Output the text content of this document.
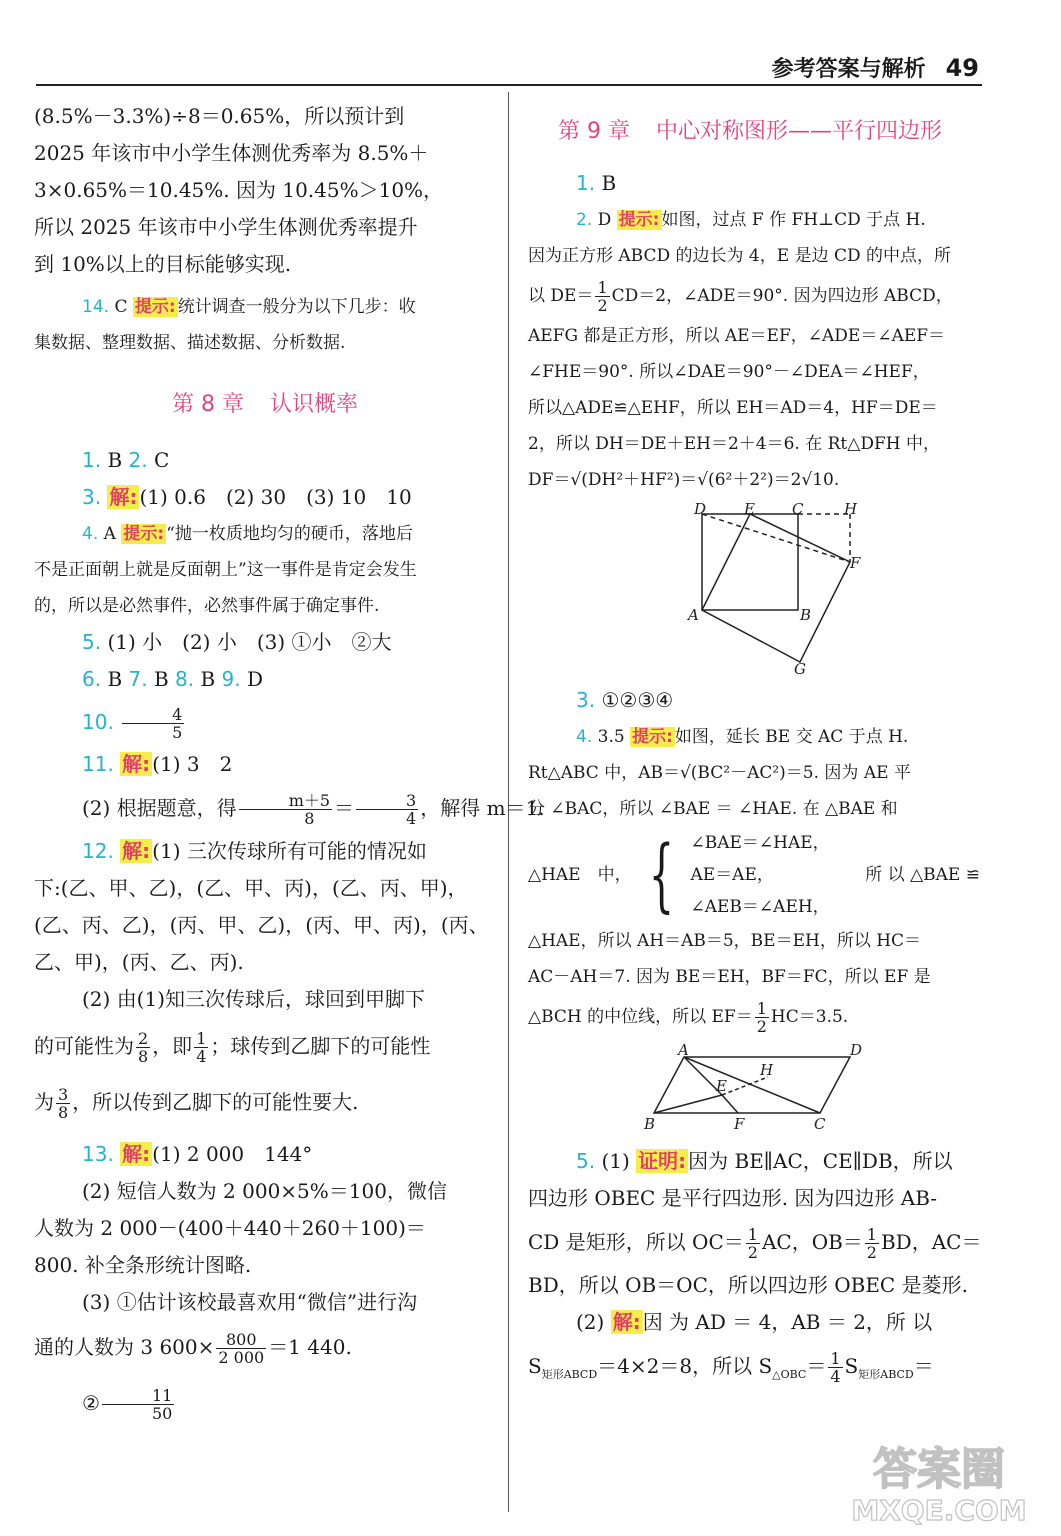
参考答案与解析 49

(8.5%－3.3%)÷8＝0.65%，所以预计到

2025 年该市中小学生体测优秀率为 8.5%＋

3×0.65%＝10.45%. 因为 10.45%＞10%，

所以 2025 年该市中小学生体测优秀率提升

到 10%以上的目标能够实现.

14. C 提示: 统计调查一般分为以下几步：收

集数据、整理数据、描述数据、分析数据.

第 8 章 认识概率

1. B 2. C

3. 解: (1) 0.6　(2) 30　(3) 10　10

4. A 提示: “抛一枚质地均匀的硬币，落地后

不是正面朝上就是反面朝上”这一事件是肯定会发生

的，所以是必然事件，必然事件属于确定事件.

5. (1) 小　(2) 小　(3) ①小　②大

6. B 7. B 8. B 9. D

10. $\frac{4}{5}$

11. 解: (1) 3　2

(2) 根据题意，得 $\frac{m+5}{8} = \frac{3}{4}$ ，解得 m＝1.

12. 解: (1) 三次传球所有可能的情况如

下:(乙、甲、乙)，(乙、甲、丙)，(乙、丙、甲)，

(乙、丙、乙)，(丙、甲、乙)，(丙、甲、丙)，(丙、

乙、甲)，(丙、乙、丙).

(2) 由(1)知三次传球后，球回到甲脚下

的可能性为 $\frac{2}{8}$ ，即 $\frac{1}{4}$ ；球传到乙脚下的可能性

为 $\frac{3}{8}$ ，所以传到乙脚下的可能性要大.

13. 解: (1) 2 000　144°

(2) 短信人数为 2 000×5%＝100，微信

人数为 2 000－(400＋440＋260＋100)＝

800. 补全条形统计图略.

(3) ①估计该校最喜欢用“微信”进行沟

通的人数为 3 $600\times \frac{800}{2 000} =1$ 440.

② $\frac{11}{50}$

第 9 章 中心对称图形——平行四边形

1. B

2. D 提示: 如图，过点 F 作 FH⊥CD 于点 H.

因为正方形 ABCD 的边长为 4，E 是边 CD 的中点，所

以 $DE= \frac{1}{2} CD=2$，∠ADE＝90°. 因为四边形 ABCD，

AEFG 都是正方形，所以 AE＝EF，∠ADE＝∠AEF＝

∠FHE＝90°. 所以∠DAE＝90°－∠DEA＝∠HEF，

所以△ADE≌△EHF，所以 EH＝AD＝4，HF＝DE＝

2，所以 DH＝DE＋EH＝2＋4＝6. 在 Rt△DFH 中，

DF＝√(DH²＋HF²)＝√(6²＋2²)＝2√10.

D	E C	H
F
A	B
G

3. ①②③④

4. 3.5 提示: 如图，延长 BE 交 AC 于点 H.

Rt△ABC 中，AB＝√(BC²－AC²)＝5. 因为 AE 平

分 ∠BAC，所以 ∠BAE ＝ ∠HAE. 在 △BAE 和

△HAE　中， { ∠BAE＝∠HAE，
AE＝AE，
∠AEB＝∠AEH，
所 以 △BAE ≌

△HAE，所以 AH＝AB＝5，BE＝EH，所以 HC＝

AC－AH＝7. 因为 BE＝EH，BF＝FC，所以 EF 是

△BCH 的中位线，所以 $EF= \frac{1}{2} HC=3.5$.

A	D
E
H
B	F	C

5. (1) 证明: 因为 BE∥AC，CE∥DB，所以

四边形 OBEC 是平行四边形. 因为四边形 AB-

CD 是矩形，所以 $OC= \frac{1}{2}$ AC，$OB= \frac{1}{2}$ BD，AC＝

BD，所以 OB＝OC，所以四边形 OBEC 是菱形.

(2) 解: 因 为 AD ＝ 4，AB ＝ 2，所 以

$S_{矩形ABCD}=4\times 2=8$，所以 $S_{\triangle OBC}= \frac{1}{4} S_{矩形ABCD}=$

答案圈
MXQE.COM
